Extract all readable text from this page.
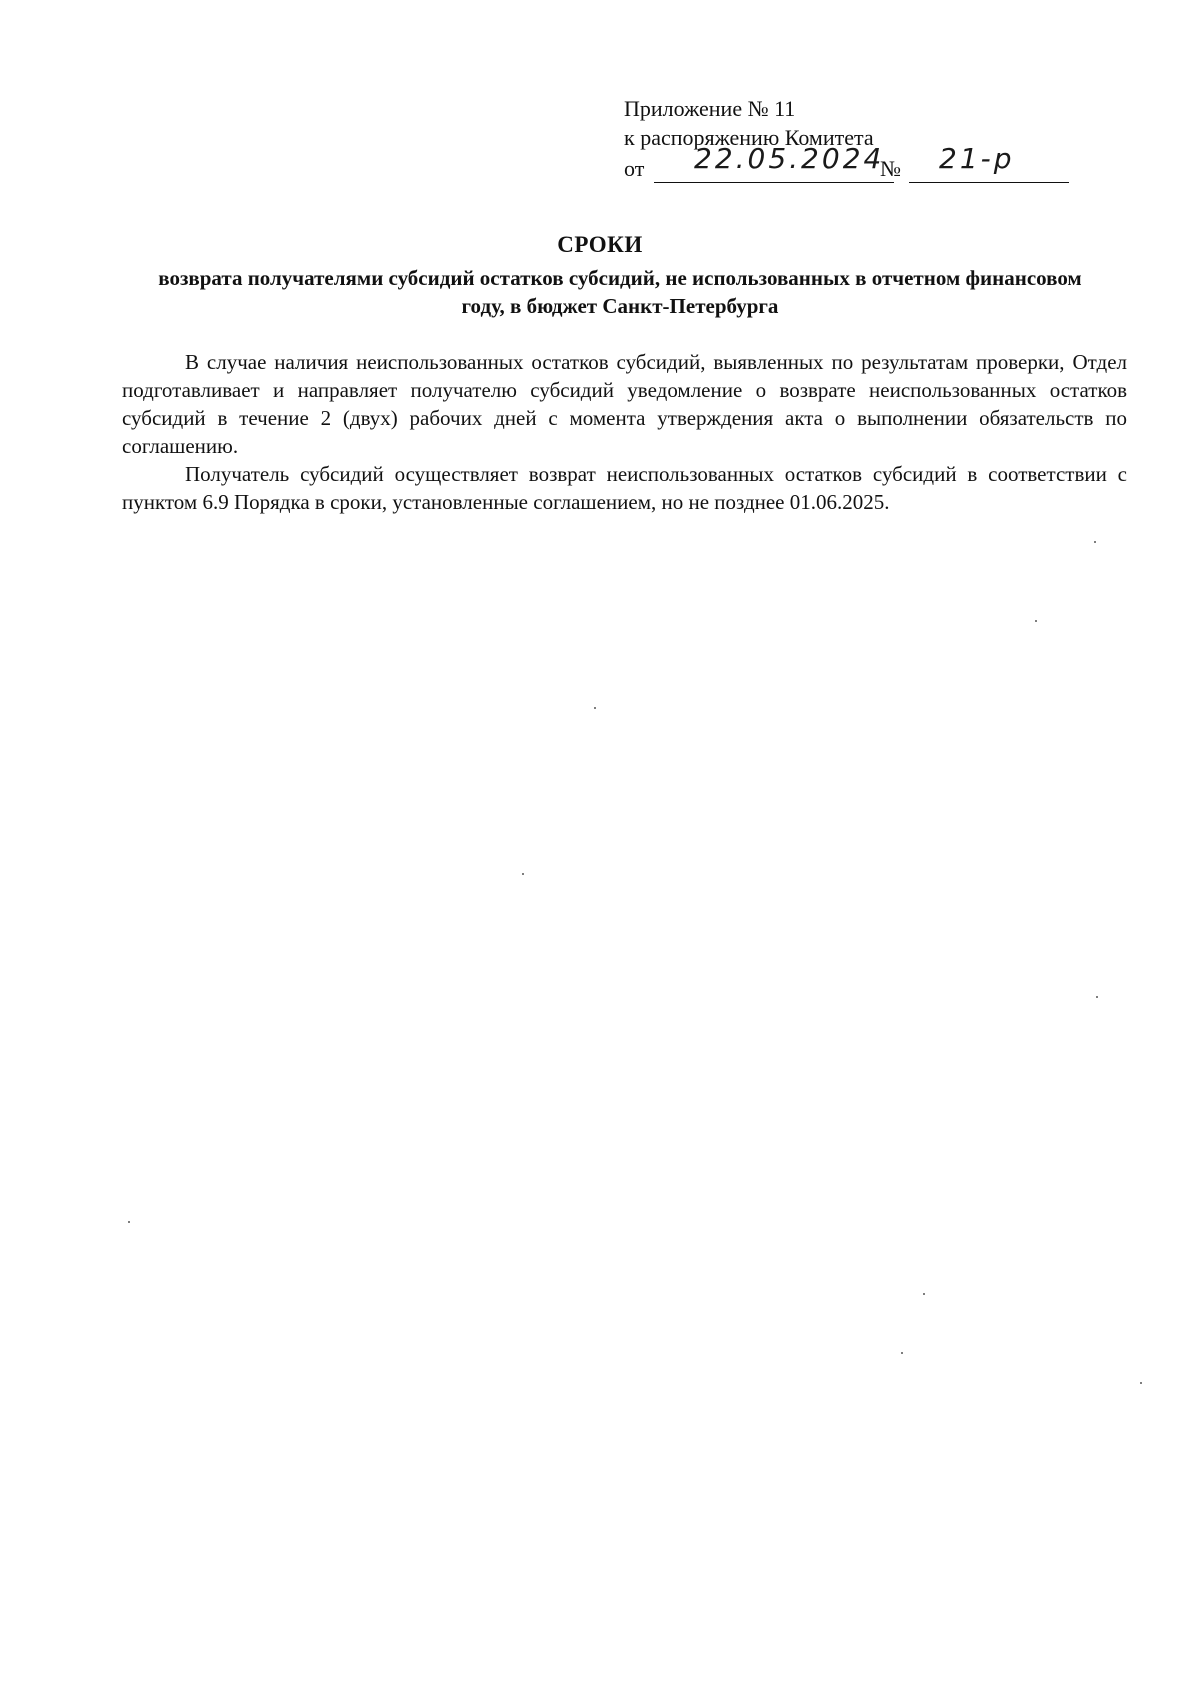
Приложение № 11
к распоряжению Комитета
от 22.05.2024
№ 21-р
СРОКИ
возврата получателями субсидий остатков субсидий, не использованных в отчетном финансовом году, в бюджет Санкт-Петербурга

В случае наличия неиспользованных остатков субсидий, выявленных по результатам проверки, Отдел подготавливает и направляет получателю субсидий уведомление о возврате неиспользованных остатков субсидий в течение 2 (двух) рабочих дней с момента утверждения акта о выполнении обязательств по соглашению.

Получатель субсидий осуществляет возврат неиспользованных остатков субсидий в соответствии с пунктом 6.9 Порядка в сроки, установленные соглашением, но не позднее 01.06.2025.
